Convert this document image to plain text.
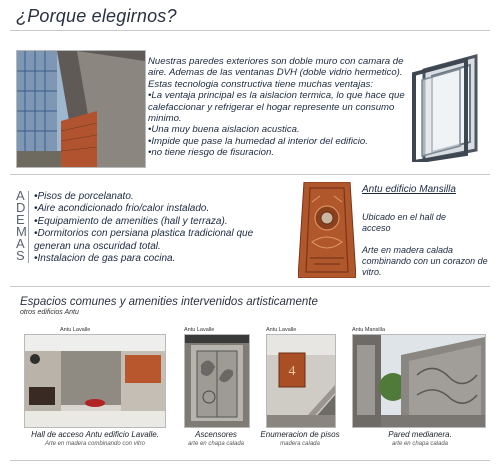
¿Porque elegirnos?
Nuestras paredes exteriores son doble muro con camara de
aire. Ademas de las ventanas DVH (doble vidrio hermetico).
Estas tecnologia constructiva tiene muchas ventajas:
•La ventaja principal es la aislacion termica, lo que hace que
calefaccionar y refrigerar el hogar represente un consumo
minimo.
•Una muy buena aislacion acustica.
•Impide que pase la humedad al interior del edificio.
•no tiene riesgo de fisuracion.
A
D
E
M
A
S
•Pisos de porcelanato.
•Aire acondicionado frio/calor instalado.
•Equipamiento de amenities (hall y terraza).
•Dormitorios con persiana plastica tradicional que
generan una oscuridad total.
•Instalacion de gas para cocina.
Antu edificio Mansilla
Ubicado en el hall de
acceso
Arte en madera calada
combinando con un corazon de
vitro.
Espacios comunes y amenities intervenidos artisticamente
otros edificios Antu
Antu Lavalle
Hall de acceso Antu edificio Lavalle.
Arte en madera combinando con vitro
Antu Lavalle
Ascensores
arte en chapa calada
Antu Lavalle
4
Enumeracion de pisos
madera calada
Antu Mansilla
Pared medianera.
arte en chapa calada
